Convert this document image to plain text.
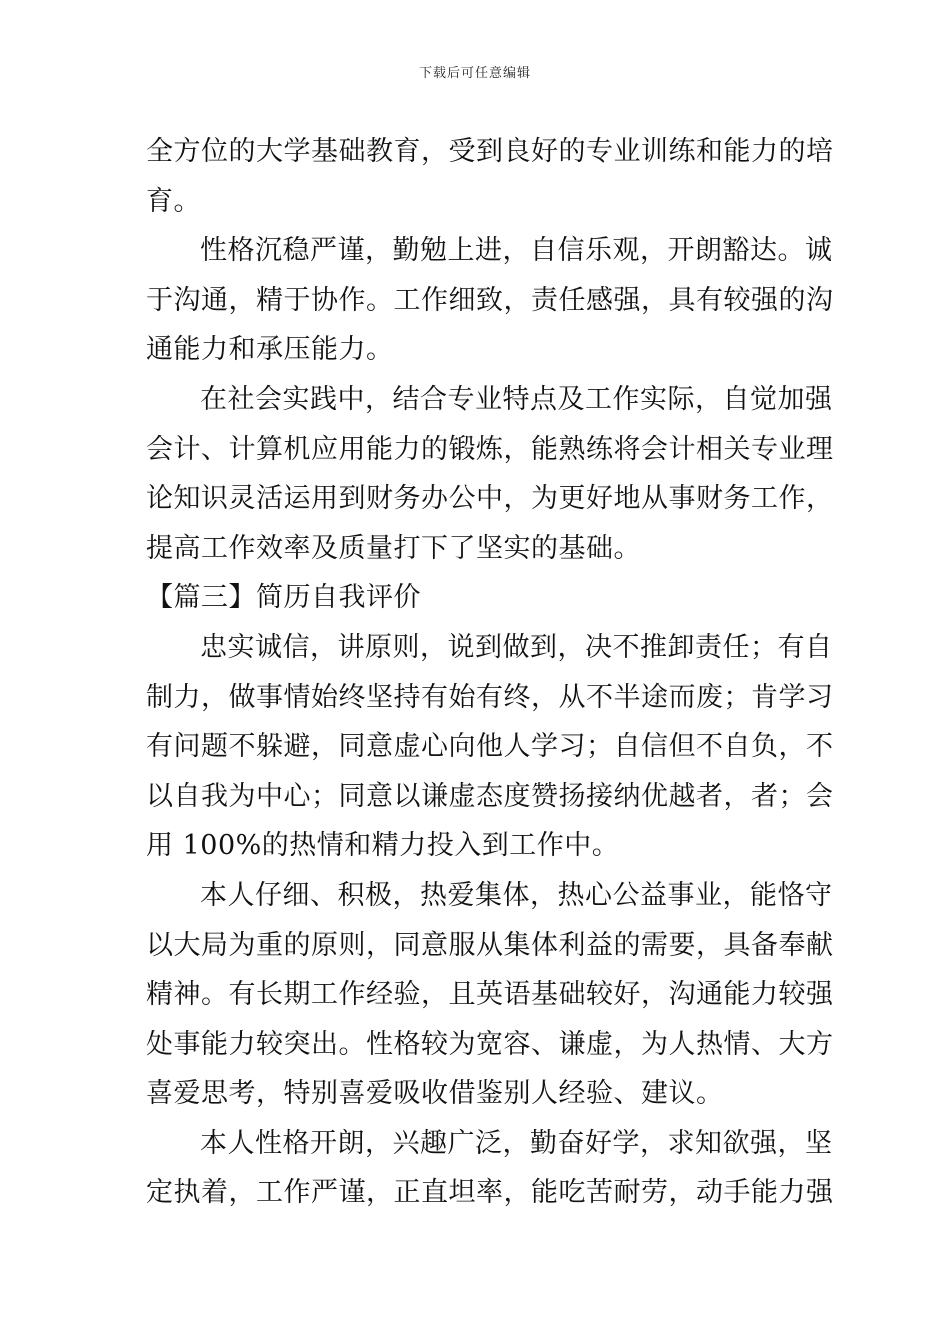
下载后可任意编辑
全方位的大学基础教育，受到良好的专业训练和能力的培
育。
性格沉稳严谨，勤勉上进，自信乐观，开朗豁达。诚
于沟通，精于协作。工作细致，责任感强，具有较强的沟
通能力和承压能力。
在社会实践中，结合专业特点及工作实际，自觉加强
会计、计算机应用能力的锻炼，能熟练将会计相关专业理
论知识灵活运用到财务办公中，为更好地从事财务工作，
提高工作效率及质量打下了坚实的基础。
【篇三】简历自我评价
忠实诚信，讲原则，说到做到，决不推卸责任；有自
制力，做事情始终坚持有始有终，从不半途而废；肯学习
有问题不躲避，同意虚心向他人学习；自信但不自负，不
以自我为中心；同意以谦虚态度赞扬接纳优越者，者；会
用 100%的热情和精力投入到工作中。
本人仔细、积极，热爱集体，热心公益事业，能恪守
以大局为重的原则，同意服从集体利益的需要，具备奉献
精神。有长期工作经验，且英语基础较好，沟通能力较强
处事能力较突出。性格较为宽容、谦虚，为人热情、大方
喜爱思考，特别喜爱吸收借鉴别人经验、建议。
本人性格开朗，兴趣广泛，勤奋好学，求知欲强，坚
定执着，工作严谨，正直坦率，能吃苦耐劳，动手能力强
